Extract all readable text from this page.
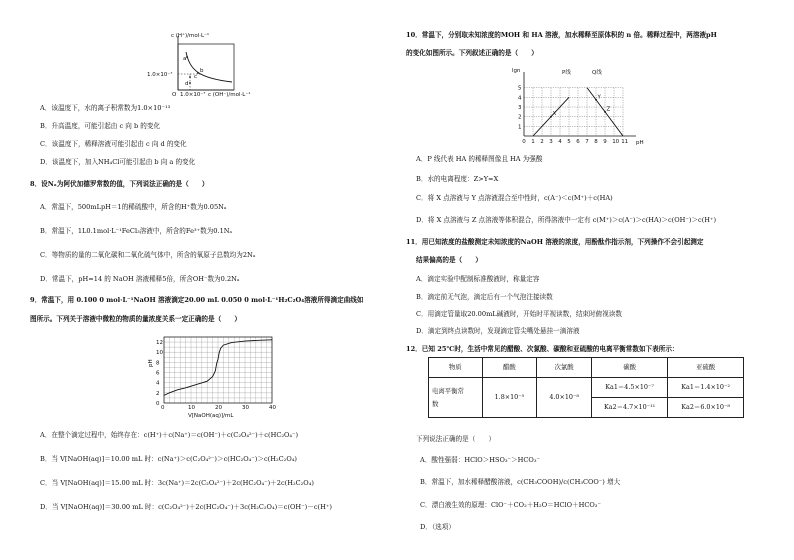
c (H⁺)/mol·L⁻¹
1.0×10⁻⁷
1.0×10⁻⁷ c (OH⁻)/mol·L⁻¹
O
a
b
c
d
A．该温度下，水的离子积常数为1.0×10⁻¹³
B．升高温度，可能引起由 c 向 b 的变化
C．该温度下，稀释溶液可能引起由 c 向 d 的变化
D．该温度下，加入NH₄Cl可能引起由 b 向 a 的变化
8．设Nₐ为阿伏加德罗常数的值，下列说法正确的是（　　）
A．常温下，500mLpH＝1的稀硫酸中，所含的H⁺数为0.05Nₐ
B．常温下，1L0.1mol·L⁻¹FeCl₃溶液中，所含的Fe³⁺数为0.1Nₐ
C．等物质的量的二氧化碳和二氧化硫气体中，所含的氧原子总数均为2Nₐ
D．常温下，pH=14 的 NaOH 溶液稀释5倍，所含OH⁻数为0.2Nₐ
9．常温下，用 0.100 0 mol·L⁻¹NaOH 溶液滴定20.00 mL 0.050 0 mol·L⁻¹H₂C₂O₄溶液所得滴定曲线如
图所示。下列关于溶液中微粒的物质的量浓度关系一定正确的是（　　）
0	10	20	30	40
0
2
4
6
8
10
12
pH
V[NaOH(aq)]/mL
A．在整个滴定过程中，始终存在：c(H⁺)＋c(Na⁺)＝c(OH⁻)＋c(C₂O₄²⁻)＋c(HC₂O₄⁻)
B．当 V[NaOH(aq)]＝10.00 mL 时：c(Na⁺)＞c(C₂O₄²⁻)＞c(HC₂O₄⁻)＞c(H₂C₂O₄)
C．当 V[NaOH(aq)]＝15.00 mL 时：3c(Na⁺)＝2c(C₂O₄²⁻)＋2c(HC₂O₄⁻)＋2c(H₂C₂O₄)
D．当 V[NaOH(aq)]＝30.00 mL 时：c(C₂O₄²⁻)＋2c(HC₂O₄⁻)＋3c(H₂C₂O₄)＝c(OH⁻)－c(H⁺)
10．常温下，分别取未知浓度的MOH 和 HA 溶液，加水稀释至原体积的 n 倍。稀释过程中，两溶液pH
的变化如图所示。下列叙述正确的是（　　）
0 1 2 3 4 5 6 7 8 9 10 11
1
2
3
4
5
X
Y
Z
lgn
pH
P线	Q线
A．P 线代表 HA 的稀释图像且 HA 为强酸
B．水的电离程度：Z>Y=X
C．将 X 点溶液与 Y 点溶液混合至中性时，c(A⁻)＜c(M⁺)＋c(HA)
D．将 X 点溶液与 Z 点溶液等体积混合，所得溶液中一定有 c(M⁺)＞c(A⁻)＞c(HA)＞c(OH⁻)＞c(H⁺)
11．用已知浓度的盐酸测定未知浓度的NaOH 溶液的浓度，用酚酞作指示剂，下列操作不会引起测定
结果偏高的是（　　）
A．滴定实验中配制标准酸液时，称量定容
B．滴定前无气泡，滴定后有一个气泡注接读数
C．用滴定管量取20.00mL碱液时，开始时平视读数，结束时俯视读数
D．滴定到终点读数时，发现滴定管尖嘴处悬挂一滴溶液
12．已知 25℃时，生活中常见的醋酸、次氯酸、碳酸和亚硫酸的电离平衡常数如下表所示：
物质	醋酸	次氯酸	碳酸	亚硫酸

电离平衡常
数	1.8×10⁻⁵	4.0×10⁻⁸	Ka1＝4.5×10⁻⁷	Ka1＝1.4×10⁻²
			Ka2＝4.7×10⁻¹¹	Ka2＝6.0×10⁻⁸
下列说法正确的是（　　）
A．酸性强弱：HClO＞HSO₃⁻＞HCO₃⁻
B．常温下，加水稀释醋酸溶液，c(CH₃COOH)/c(CH₃COO⁻) 增大
C．漂白液生效的原理：ClO⁻＋CO₂＋H₂O＝HClO＋HCO₃⁻
D．（选项）
